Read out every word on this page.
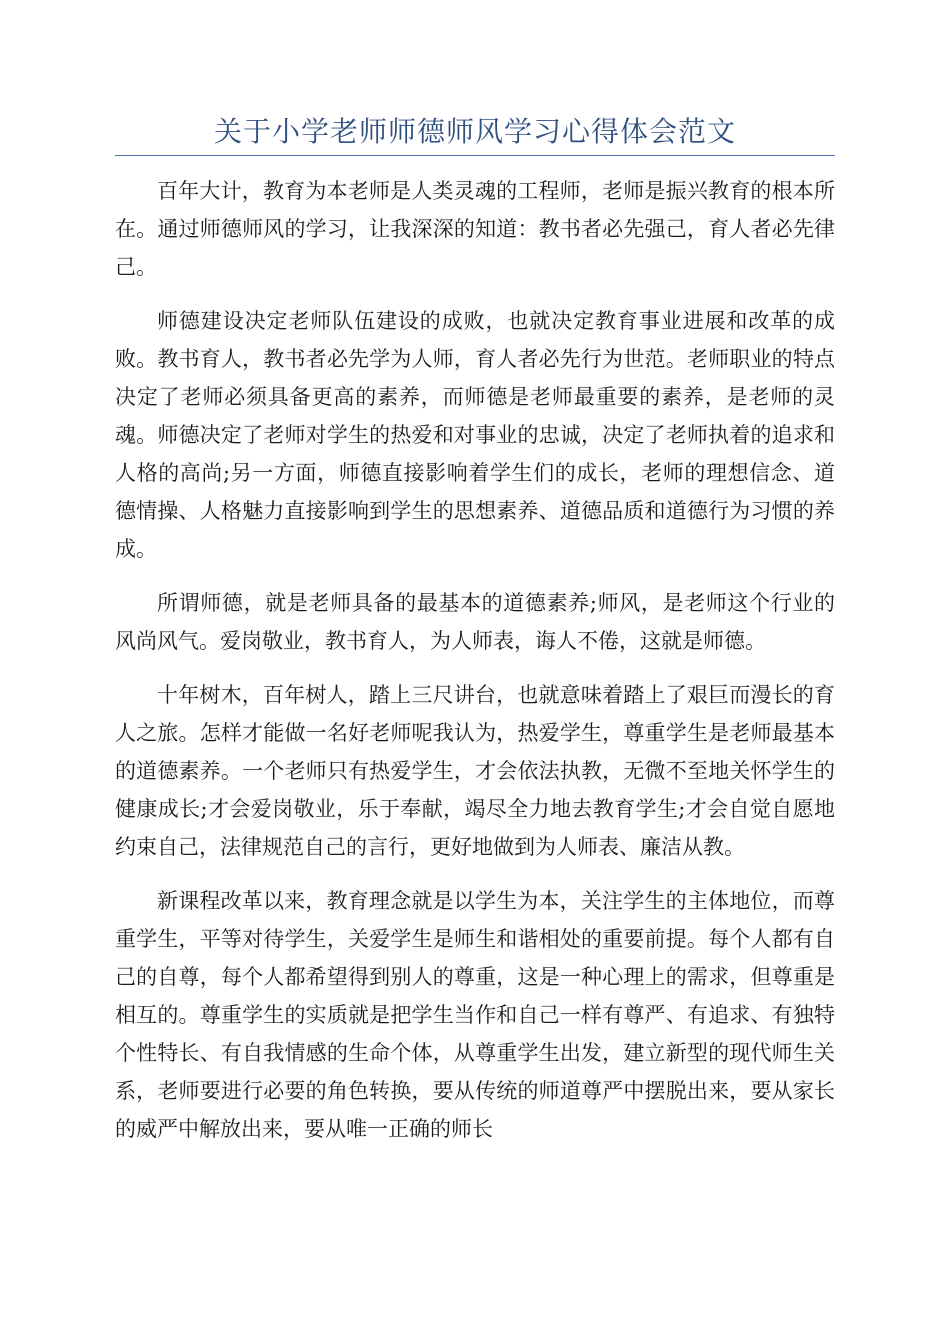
关于小学老师师德师风学习心得体会范文

百年大计，教育为本老师是人类灵魂的工程师，老师是振兴教育的根本所在。通过师德师风的学习，让我深深的知道：教书者必先强己，育人者必先律己。

师德建设决定老师队伍建设的成败，也就决定教育事业进展和改革的成败。教书育人，教书者必先学为人师，育人者必先行为世范。老师职业的特点决定了老师必须具备更高的素养，而师德是老师最重要的素养，是老师的灵魂。师德决定了老师对学生的热爱和对事业的忠诚，决定了老师执着的追求和人格的高尚;另一方面，师德直接影响着学生们的成长，老师的理想信念、道德情操、人格魅力直接影响到学生的思想素养、道德品质和道德行为习惯的养成。

所谓师德，就是老师具备的最基本的道德素养;师风，是老师这个行业的风尚风气。爱岗敬业，教书育人，为人师表，诲人不倦，这就是师德。

十年树木，百年树人，踏上三尺讲台，也就意味着踏上了艰巨而漫长的育人之旅。怎样才能做一名好老师呢我认为，热爱学生，尊重学生是老师最基本的道德素养。一个老师只有热爱学生，才会依法执教，无微不至地关怀学生的健康成长;才会爱岗敬业，乐于奉献，竭尽全力地去教育学生;才会自觉自愿地约束自己，法律规范自己的言行，更好地做到为人师表、廉洁从教。

新课程改革以来，教育理念就是以学生为本，关注学生的主体地位，而尊重学生，平等对待学生，关爱学生是师生和谐相处的重要前提。每个人都有自己的自尊，每个人都希望得到别人的尊重，这是一种心理上的需求，但尊重是相互的。尊重学生的实质就是把学生当作和自己一样有尊严、有追求、有独特个性特长、有自我情感的生命个体，从尊重学生出发，建立新型的现代师生关系，老师要进行必要的角色转换，要从传统的师道尊严中摆脱出来，要从家长的威严中解放出来，要从唯一正确的师长
